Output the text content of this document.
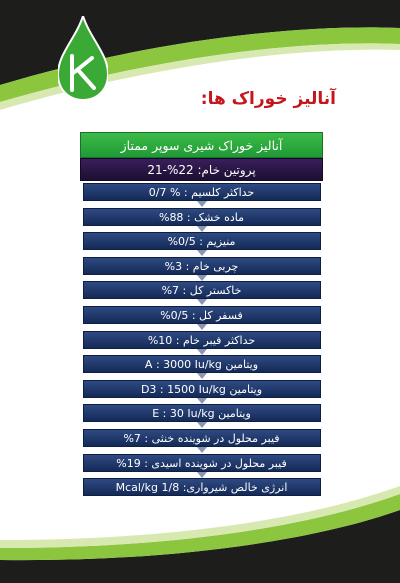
آنالیز خوراک ها:
آنالیز خوراک شیری سوپر ممتاز
پروتین خام: 22%-21
حداکثر کلسیم : % 0/7
ماده خشک : 88%
منیزیم : 0/5%
چربی خام : 3%
خاکستر کل : 7%
فسفر کل : 0/5%
حداکثر فیبر خام : 10%
ویتامین A : 3000 Iu/kg
ویتامین D3 : 1500 Iu/kg
ویتامین E : 30 Iu/kg
فیبر محلول در شوینده خنثی : 7%
فیبر محلول در شوینده اسیدی : 19%
انرژی خالص شیرواری: 1/8 Mcal/kg
